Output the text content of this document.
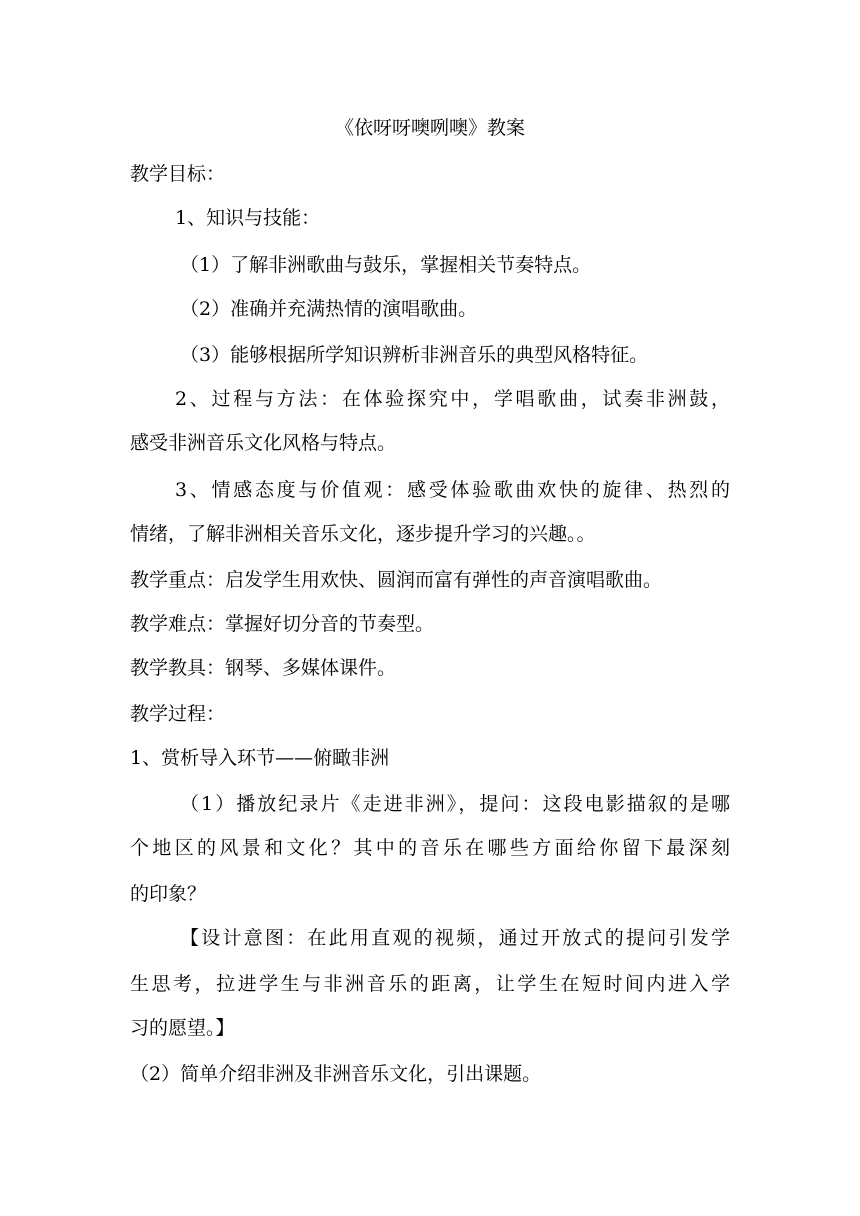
《依呀呀噢咧噢》教案
教学目标：
1、知识与技能：
（1）了解非洲歌曲与鼓乐，掌握相关节奏特点。
（2）准确并充满热情的演唱歌曲。
（3）能够根据所学知识辨析非洲音乐的典型风格特征。
2、过程与方法：在体验探究中，学唱歌曲，试奏非洲鼓，
感受非洲音乐文化风格与特点。
3、情感态度与价值观：感受体验歌曲欢快的旋律、热烈的
情绪，了解非洲相关音乐文化，逐步提升学习的兴趣。。
教学重点：启发学生用欢快、圆润而富有弹性的声音演唱歌曲。
教学难点：掌握好切分音的节奏型。
教学教具：钢琴、多媒体课件。
教学过程：
1、赏析导入环节——俯瞰非洲
（1）播放纪录片《走进非洲》，提问：这段电影描叙的是哪
个地区的风景和文化？其中的音乐在哪些方面给你留下最深刻
的印象？
【设计意图：在此用直观的视频，通过开放式的提问引发学
生思考，拉进学生与非洲音乐的距离，让学生在短时间内进入学
习的愿望。】
（2）简单介绍非洲及非洲音乐文化，引出课题。
